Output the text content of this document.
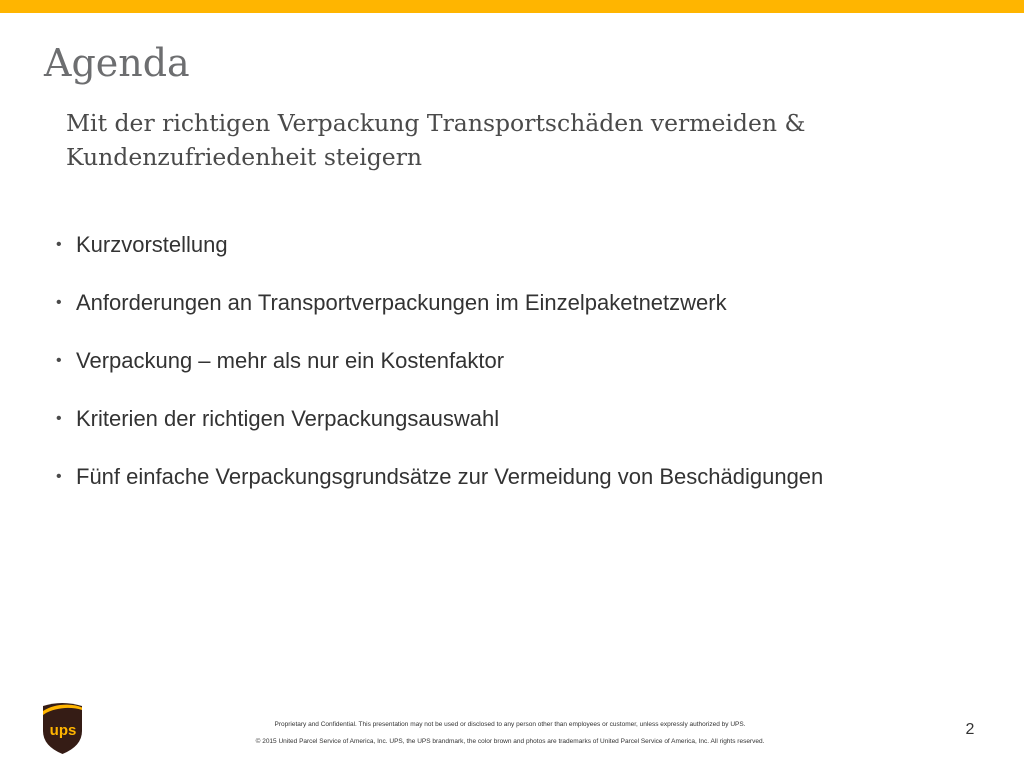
Agenda
Mit der richtigen Verpackung Transportschäden vermeiden & Kundenzufriedenheit steigern
• Kurzvorstellung
• Anforderungen an Transportverpackungen im Einzelpaketnetzwerk
• Verpackung – mehr als nur ein Kostenfaktor
• Kriterien der richtigen Verpackungsauswahl
• Fünf einfache Verpackungsgrundsätze zur Vermeidung von Beschädigungen
ups	Proprietary and Confidential. This presentation may not be used or disclosed to any person other than employees or customer, unless expressly authorized by UPS.
© 2015 United Parcel Service of America, Inc. UPS, the UPS brandmark, the color brown and photos are trademarks of United Parcel Service of America, Inc. All rights reserved.
2
